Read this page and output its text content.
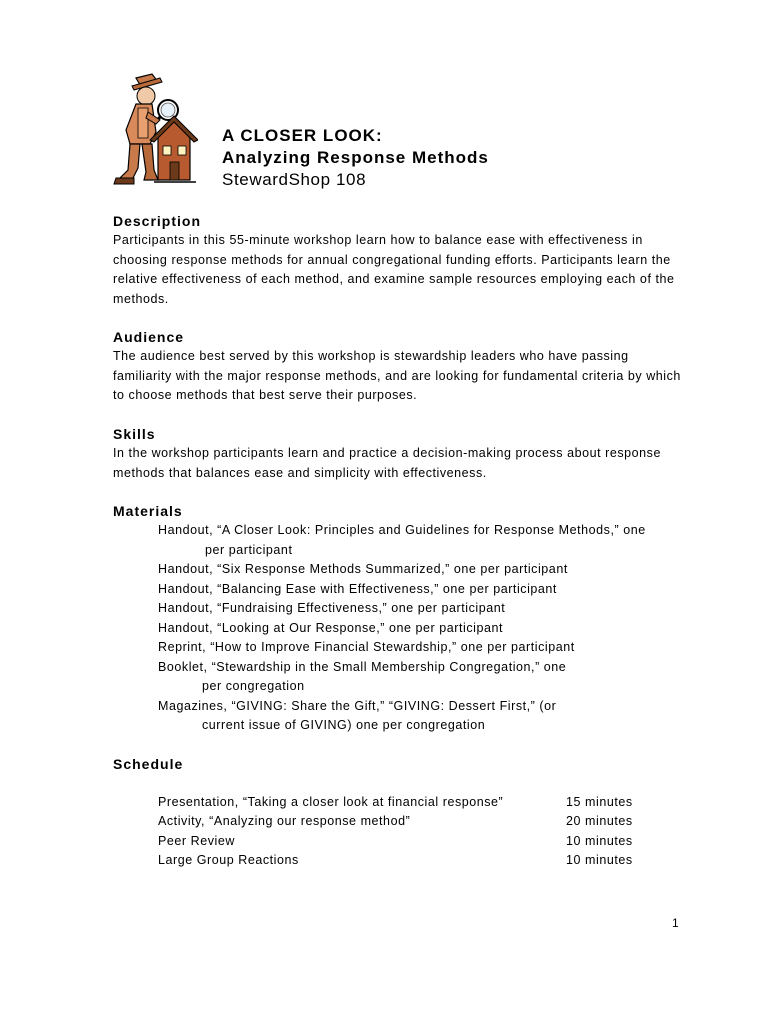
A CLOSER LOOK:
Analyzing Response Methods
StewardShop 108
Description

Participants in this 55-minute workshop learn how to balance ease with effectiveness in choosing response methods for annual congregational funding efforts. Participants learn the relative effectiveness of each method, and examine sample resources employing each of the methods.

Audience

The audience best served by this workshop is stewardship leaders who have passing familiarity with the major response methods, and are looking for fundamental criteria by which to choose methods that best serve their purposes.

Skills

In the workshop participants learn and practice a decision-making process about response methods that balances ease and simplicity with effectiveness.

Materials
Handout, “A Closer Look: Principles and Guidelines for Response Methods,” one
per participant
Handout, “Six Response Methods Summarized,” one per participant
Handout, “Balancing Ease with Effectiveness,” one per participant
Handout, “Fundraising Effectiveness,” one per participant
Handout, “Looking at Our Response,” one per participant
Reprint, “How to Improve Financial Stewardship,” one per participant
Booklet, “Stewardship in the Small Membership Congregation,” one
per congregation
Magazines, “GIVING: Share the Gift,” “GIVING: Dessert First,” (or
current issue of GIVING) one per congregation
Schedule
Presentation, “Taking a closer look at financial response”	15 minutes
Activity, “Analyzing our response method”	20 minutes
Peer Review	10 minutes
Large Group Reactions	10 minutes
1
